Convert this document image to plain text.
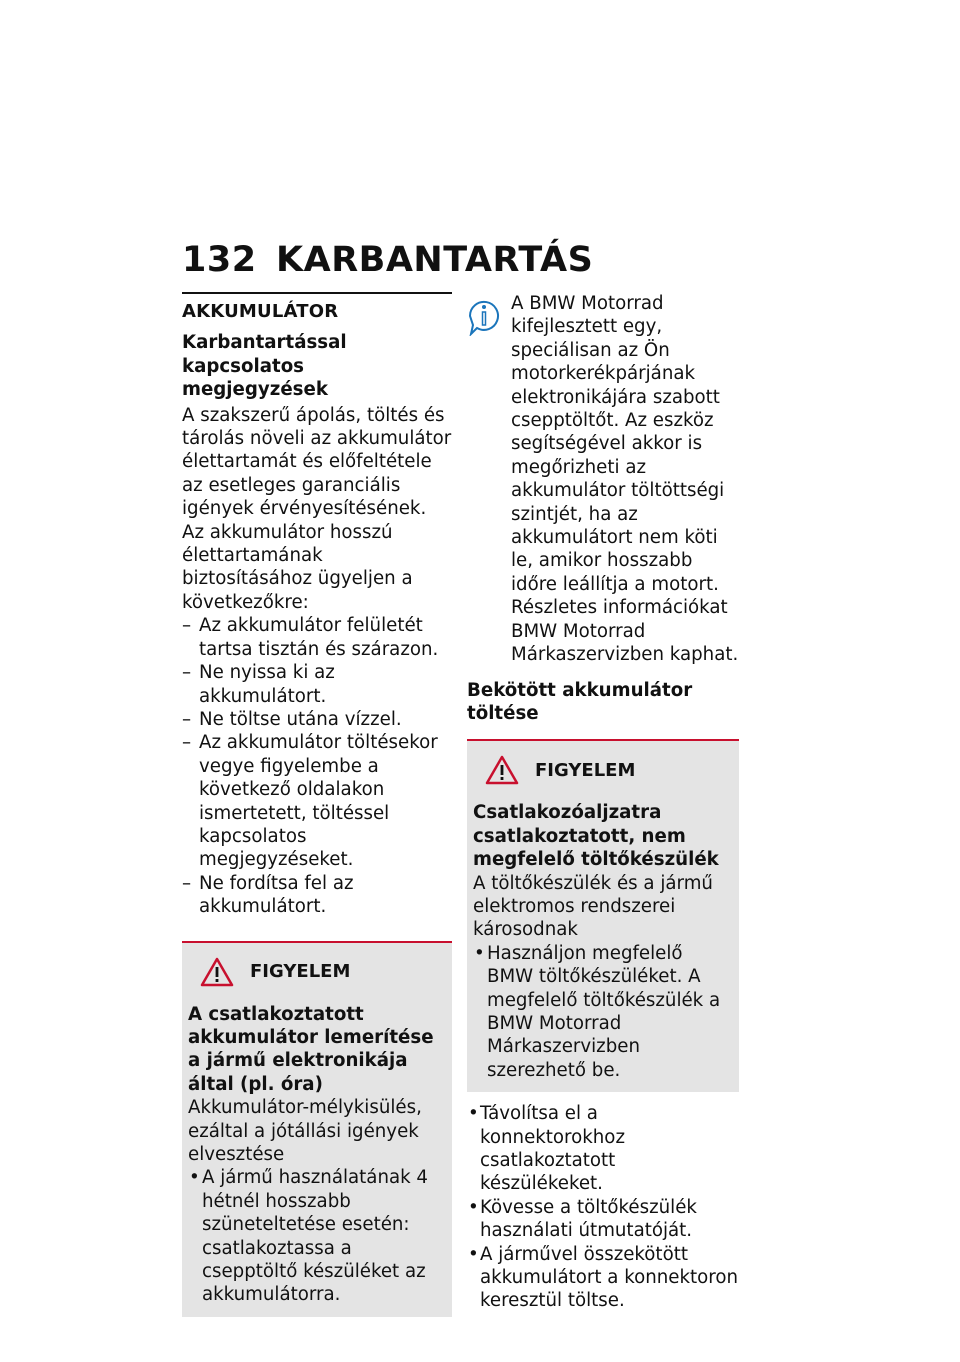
132 KARBANTARTÁS
AKKUMULÁTOR
Karbantartással kapcsolatos megjegyzések

A szakszerű ápolás, töltés és tárolás növeli az akkumulátor élettartamát és előfeltétele az esetleges garanciális igények érvényesítésének.

Az akkumulátor hosszú élettartamának biztosításához ügyeljen a következőkre:

– Az akkumulátor felületét tartsa tisztán és szárazon.
– Ne nyissa ki az akkumulátort.
– Ne töltse utána vízzel.
– Az akkumulátor töltésekor vegye figyelembe a következő oldalakon ismertetett, töltéssel kapcsolatos megjegyzéseket.
– Ne fordítsa fel az akkumulátort.
FIGYELEM
A csatlakoztatott akkumulátor lemerítése a jármű elektronikája által (pl. óra)

Akkumulátor-mélykisülés, ezáltal a jótállási igények elvesztése

• A jármű használatának 4 hétnél hosszabb szüneteltetése esetén: csatlakoztassa a csepptöltő készüléket az akkumulátorra.

A BMW Motorrad kifejlesztett egy, speciálisan az Ön motorkerékpárjának elektronikájára szabott csepptöltőt. Az eszköz segítségével akkor is megőrizheti az akkumulátor töltöttségi szintjét, ha az akkumulátort nem köti le, amikor hosszabb időre leállítja a motort. Részletes információkat BMW Motorrad Márkaszervizben kaphat.

Bekötött akkumulátor töltése
FIGYELEM
Csatlakozóaljzatra csatlakoztatott, nem megfelelő töltőkészülék

A töltőkészülék és a jármű elektromos rendszerei károsodnak

• Használjon megfelelő BMW töltőkészüléket. A megfelelő töltőkészülék a BMW Motorrad Márkaszervizben szerezhető be.
• Távolítsa el a konnektorokhoz csatlakoztatott készülékeket.
• Kövesse a töltőkészülék használati útmutatóját.
• A járművel összekötött akkumulátort a konnektoron keresztül töltse.
